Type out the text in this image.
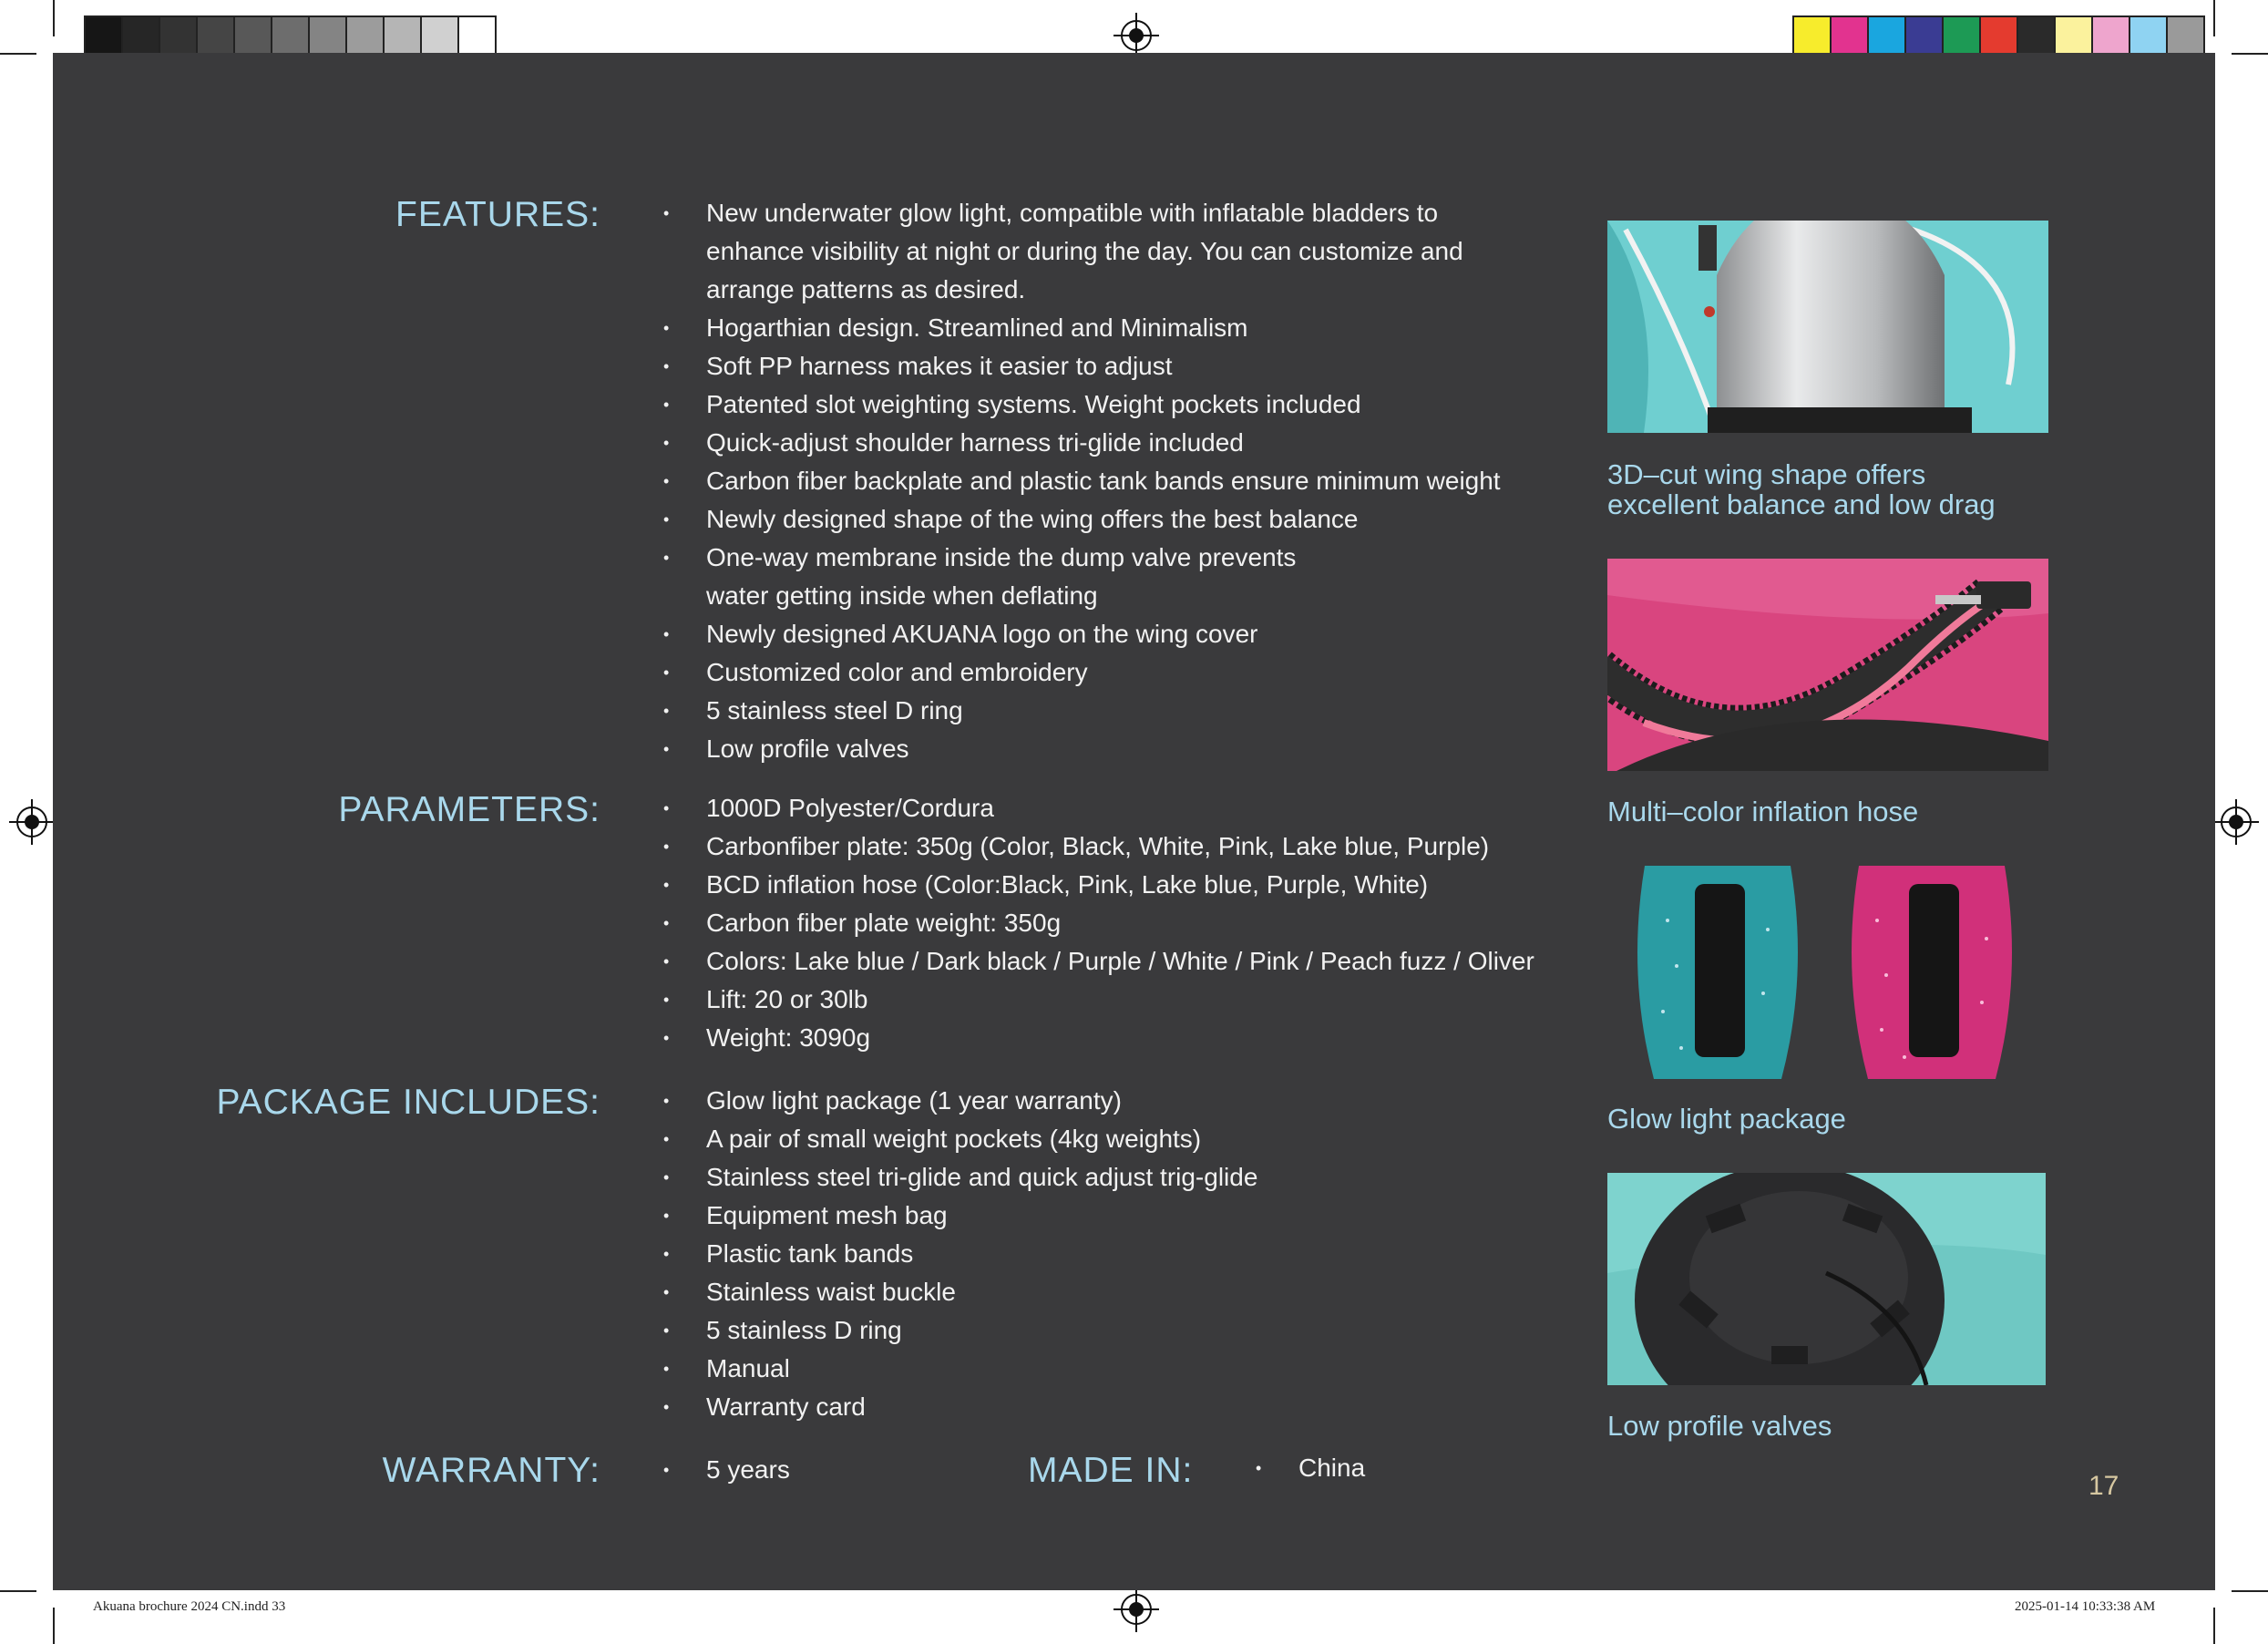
FEATURES:
PARAMETERS:
PACKAGE INCLUDES:
WARRANTY:
• New underwater glow light, compatible with inflatable bladders to
enhance visibility at night or during the day. You can customize and
arrange patterns as desired.
• Hogarthian design. Streamlined and Minimalism
• Soft PP harness makes it easier to adjust
• Patented slot weighting systems. Weight pockets included
• Quick-adjust shoulder harness tri-glide included
• Carbon fiber backplate and plastic tank bands ensure minimum weight
• Newly designed shape of the wing offers the best balance
• One-way membrane inside the dump valve prevents
water getting inside when deflating
• Newly designed AKUANA logo on the wing cover
• Customized color and embroidery
• 5 stainless steel D ring
• Low profile valves
• 1000D Polyester/Cordura
• Carbonfiber plate: 350g (Color, Black, White, Pink, Lake blue, Purple)
• BCD inflation hose (Color:Black, Pink, Lake blue, Purple, White)
• Carbon fiber plate weight: 350g
• Colors: Lake blue / Dark black / Purple / White / Pink / Peach fuzz / Oliver
• Lift: 20 or 30lb
• Weight: 3090g
• Glow light package (1 year warranty)
• A pair of small weight pockets (4kg weights)
• Stainless steel tri-glide and quick adjust trig-glide
• Equipment mesh bag
• Plastic tank bands
• Stainless waist buckle
• 5 stainless D ring
• Manual
• Warranty card
• 5 years	MADE IN:	• China
3D–cut wing shape offers
excellent balance and low drag
Multi–color inflation hose
Glow light package
Low profile valves
17
Akuana brochure 2024 CN.indd 33	2025-01-14 10:33:38 AM
